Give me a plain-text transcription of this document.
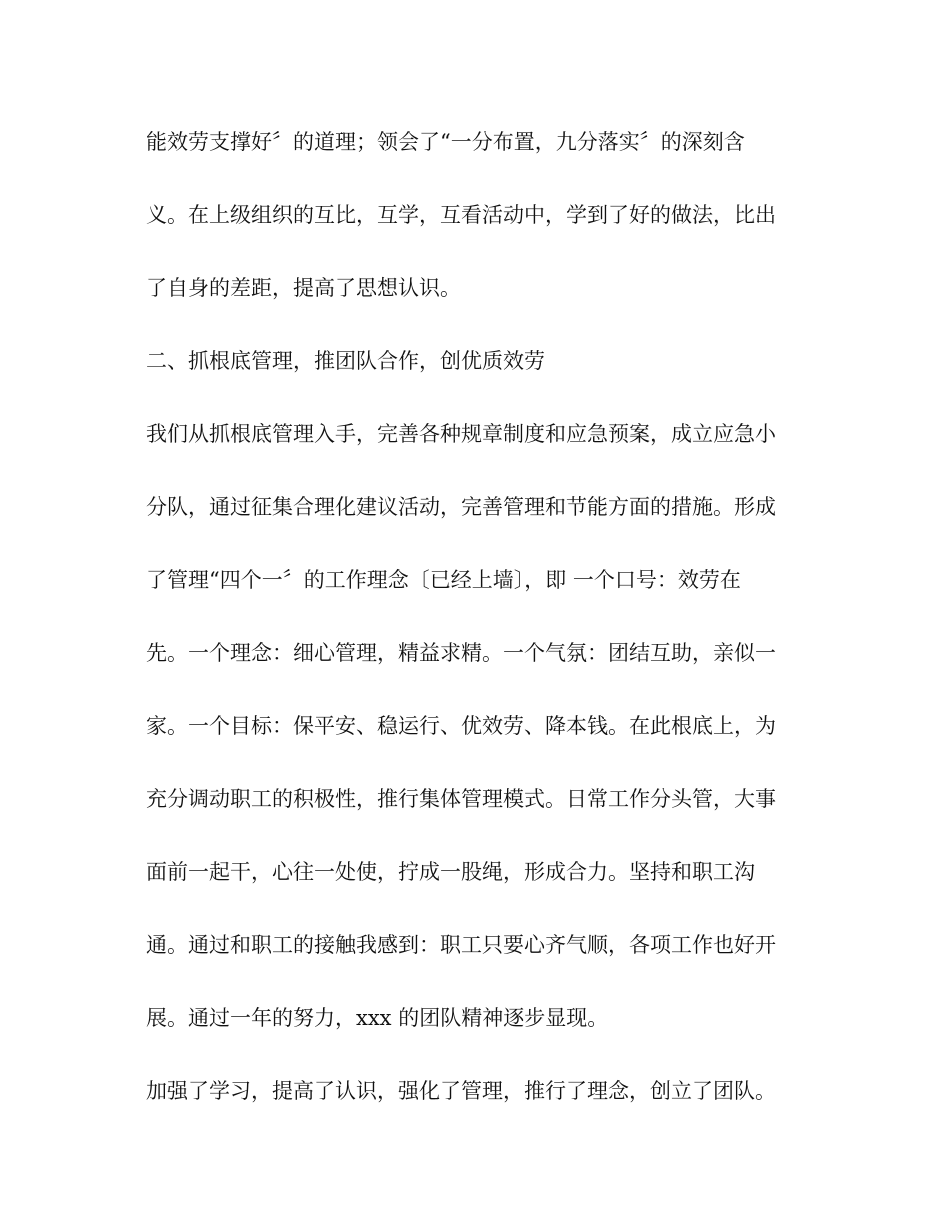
能效劳支撑好〞的道理；领会了“一分布置，九分落实〞的深刻含
义。在上级组织的互比，互学，互看活动中，学到了好的做法，比出
了自身的差距，提高了思想认识。
二、抓根底管理，推团队合作，创优质效劳
我们从抓根底管理入手，完善各种规章制度和应急预案，成立应急小
分队，通过征集合理化建议活动，完善管理和节能方面的措施。形成
了管理“四个一〞的工作理念〔已经上墙〕，即 一个口号：效劳在
先。一个理念：细心管理，精益求精。一个气氛：团结互助，亲似一
家。一个目标：保平安、稳运行、优效劳、降本钱。在此根底上，为
充分调动职工的积极性，推行集体管理模式。日常工作分头管，大事
面前一起干，心往一处使，拧成一股绳，形成合力。坚持和职工沟
通。通过和职工的接触我感到：职工只要心齐气顺，各项工作也好开
展。通过一年的努力，xxx 的团队精神逐步显现。
加强了学习，提高了认识，强化了管理，推行了理念，创立了团队。
